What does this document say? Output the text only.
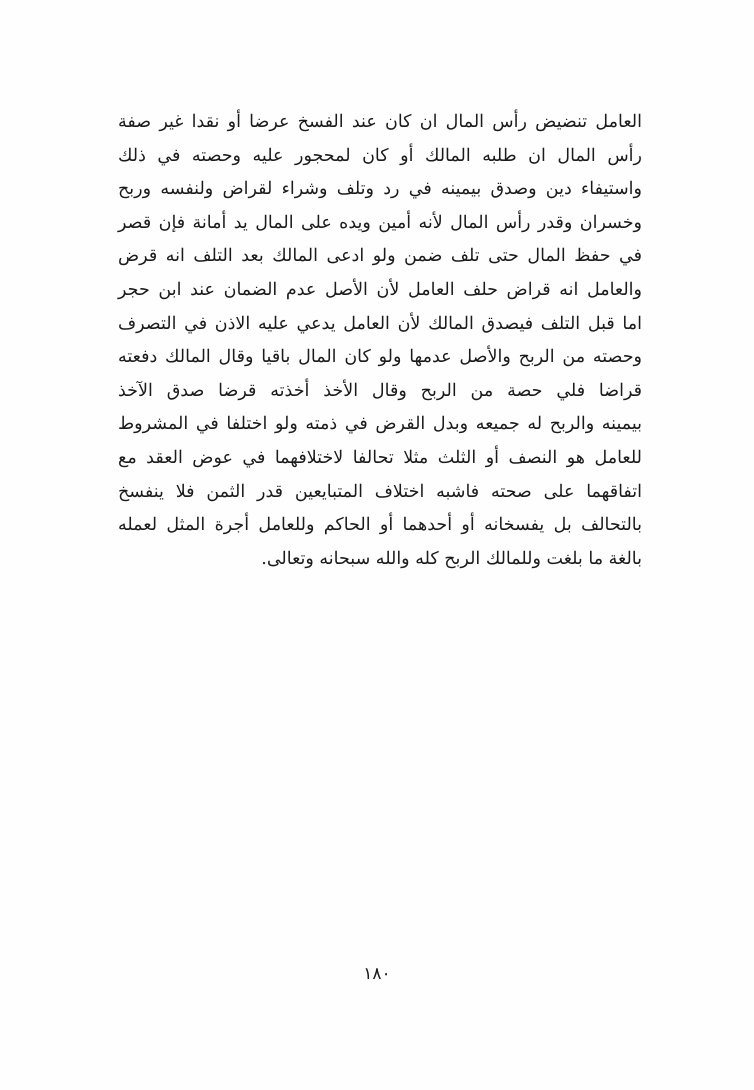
العامل تنضيض رأس المال ان كان عند الفسخ عرضا أو نقدا غير صفة
رأس المال ان طلبه المالك أو كان لمحجور عليه وحصته في ذلك
واستيفاء دين وصدق بيمينه في رد وتلف وشراء لقراض ولنفسه وربح
وخسران وقدر رأس المال لأنه أمين ويده على المال يد أمانة فإن قصر
في حفظ المال حتى تلف ضمن ولو ادعى المالك بعد التلف انه قرض
والعامل انه قراض حلف العامل لأن الأصل عدم الضمان عند ابن حجر
اما قبل التلف فيصدق المالك لأن العامل يدعي عليه الاذن في التصرف
وحصته من الربح والأصل عدمها ولو كان المال باقيا وقال المالك دفعته
قراضا فلي حصة من الربح وقال الأخذ أخذته قرضا صدق الآخذ
بيمينه والربح له جميعه وبدل القرض في ذمته ولو اختلفا في المشروط
للعامل هو النصف أو الثلث مثلا تحالفا لاختلافهما في عوض العقد مع
اتفاقهما على صحته فاشبه اختلاف المتبايعين قدر الثمن فلا ينفسخ
بالتحالف بل يفسخانه أو أحدهما أو الحاكم وللعامل أجرة المثل لعمله
بالغة ما بلغت وللمالك الربح كله والله سبحانه وتعالى.
١٨٠
